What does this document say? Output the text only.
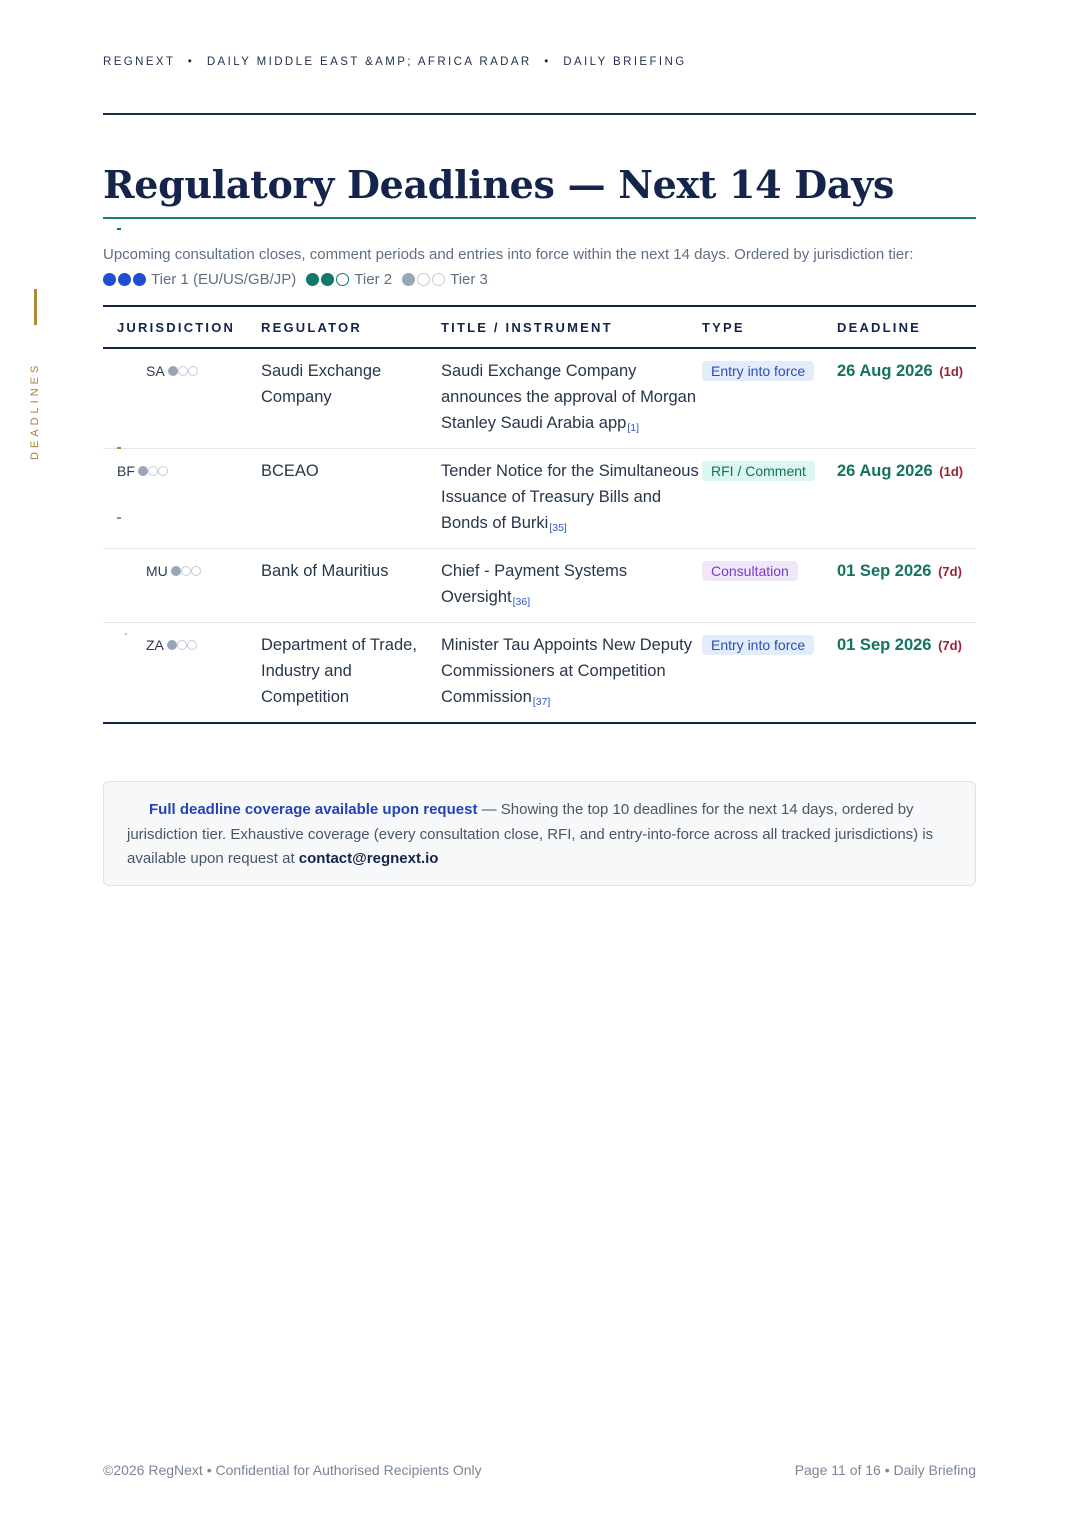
REGNEXT • DAILY MIDDLE EAST &AMP; AFRICA RADAR • DAILY BRIEFING
DEADLINES
Regulatory Deadlines — Next 14 Days
Upcoming consultation closes, comment periods and entries into force within the next 14 days. Ordered by jurisdiction tier:
Tier 1 (EU/US/GB/JP)	Tier 2	Tier 3
JURISDICTION	REGULATOR	TITLE / INSTRUMENT	TYPE	DEADLINE

SA	Saudi Exchange Company	Saudi Exchange Company announces the approval of Morgan Stanley Saudi Arabia app[1]	Entry into force	26 Aug 2026 (1d)

BF	BCEAO	Tender Notice for the Simultaneous Issuance of Treasury Bills and Bonds of Burki[35]	RFI / Comment	26 Aug 2026 (1d)

MU	Bank of Mauritius	Chief - Payment Systems Oversight[36]	Consultation	01 Sep 2026 (7d)

ZA	Department of Trade, Industry and Competition	Minister Tau Appoints New Deputy Commissioners at Competition Commission[37]	Entry into force	01 Sep 2026 (7d)
Full deadline coverage available upon request — Showing the top 10 deadlines for the next 14 days, ordered by jurisdiction tier. Exhaustive coverage (every consultation close, RFI, and entry-into-force across all tracked jurisdictions) is available upon request at contact@regnext.io
©2026 RegNext • Confidential for Authorised Recipients Only	Page 11 of 16 • Daily Briefing
